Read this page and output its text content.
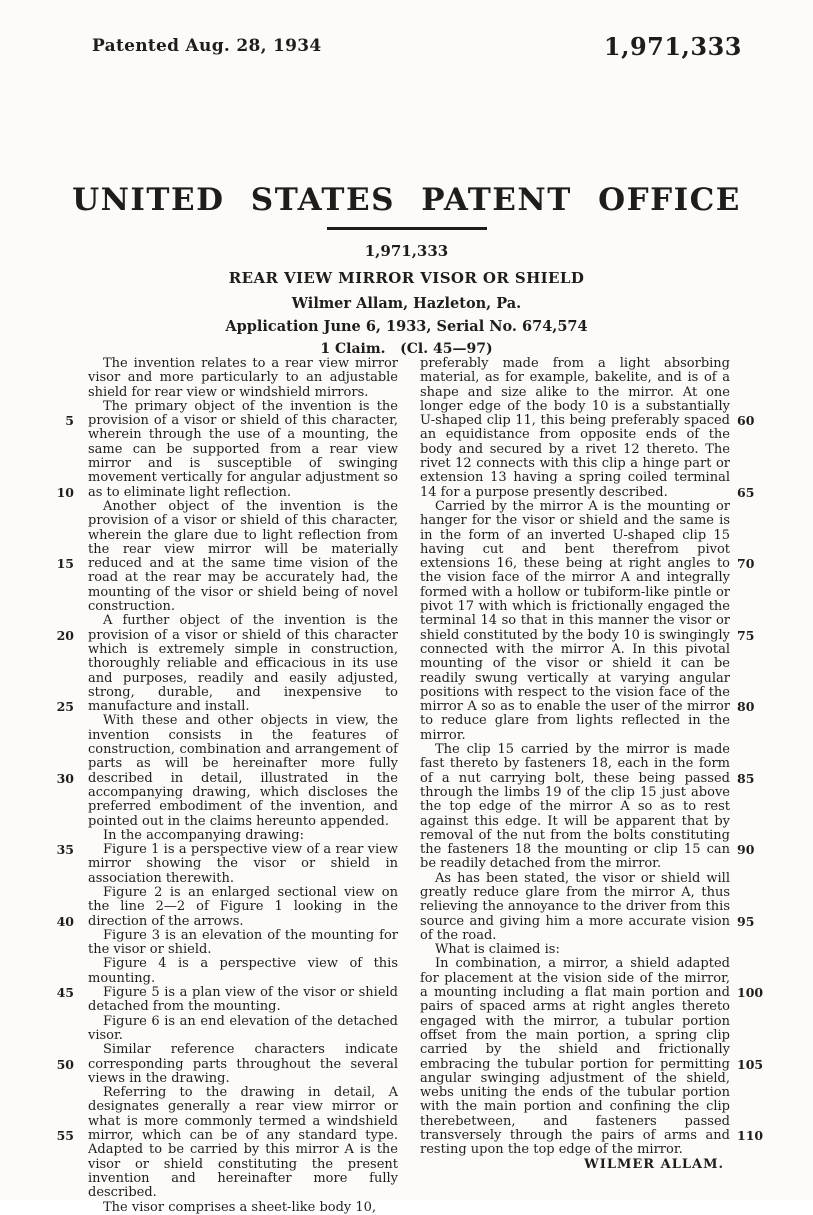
Patented Aug. 28, 1934	1,971,333
UNITED STATES PATENT OFFICE
1,971,333
REAR VIEW MIRROR VISOR OR SHIELD
Wilmer Allam, Hazleton, Pa.
Application June 6, 1933, Serial No. 674,574
1 Claim.   (Cl. 45—97)
5
10
15
20
25
30
35
40
45
50
55

The invention relates to a rear view mirror visor and more particularly to an adjustable shield for rear view or windshield mirrors.

The primary object of the invention is the provision of a visor or shield of this character, wherein through the use of a mounting, the same can be supported from a rear view mirror and is susceptible of swinging movement vertically for angular adjustment so as to eliminate light reflection.

Another object of the invention is the provision of a visor or shield of this character, wherein the glare due to light reflection from the rear view mirror will be materially reduced and at the same time vision of the road at the rear may be accurately had, the mounting of the visor or shield being of novel construction.

A further object of the invention is the provision of a visor or shield of this character which is extremely simple in construction, thoroughly reliable and efficacious in its use and purposes, readily and easily adjusted, strong, durable, and inexpensive to manufacture and install.

With these and other objects in view, the invention consists in the features of construction, combination and arrangement of parts as will be hereinafter more fully described in detail, illustrated in the accompanying drawing, which discloses the preferred embodiment of the invention, and pointed out in the claims hereunto appended.

In the accompanying drawing:

Figure 1 is a perspective view of a rear view mirror showing the visor or shield in association therewith.

Figure 2 is an enlarged sectional view on the line 2—2 of Figure 1 looking in the direction of the arrows.

Figure 3 is an elevation of the mounting for the visor or shield.

Figure 4 is a perspective view of this mounting.

Figure 5 is a plan view of the visor or shield detached from the mounting.

Figure 6 is an end elevation of the detached visor.

Similar reference characters indicate corresponding parts throughout the several views in the drawing.

Referring to the drawing in detail, A designates generally a rear view mirror or what is more commonly termed a windshield mirror, which can be of any standard type. Adapted to be carried by this mirror A is the visor or shield constituting the present invention and hereinafter more fully described.

The visor comprises a sheet-like body 10,

preferably made from a light absorbing material, as for example, bakelite, and is of a shape and size alike to the mirror. At one longer edge of the body 10 is a substantially U-shaped clip 11, this being preferably spaced an equidistance from opposite ends of the body and secured by a rivet 12 thereto. The rivet 12 connects with this clip a hinge part or extension 13 having a spring coiled terminal 14 for a purpose presently described.

Carried by the mirror A is the mounting or hanger for the visor or shield and the same is in the form of an inverted U-shaped clip 15 having cut and bent therefrom pivot extensions 16, these being at right angles to the vision face of the mirror A and integrally formed with a hollow or tubiform-like pintle or pivot 17 with which is frictionally engaged the terminal 14 so that in this manner the visor or shield constituted by the body 10 is swingingly connected with the mirror A. In this pivotal mounting of the visor or shield it can be readily swung vertically at varying angular positions with respect to the vision face of the mirror A so as to enable the user of the mirror to reduce glare from lights reflected in the mirror.

The clip 15 carried by the mirror is made fast thereto by fasteners 18, each in the form of a nut carrying bolt, these being passed through the limbs 19 of the clip 15 just above the top edge of the mirror A so as to rest against this edge. It will be apparent that by removal of the nut from the bolts constituting the fasteners 18 the mounting or clip 15 can be readily detached from the mirror.

As has been stated, the visor or shield will greatly reduce glare from the mirror A, thus relieving the annoyance to the driver from this source and giving him a more accurate vision of the road.

What is claimed is:

In combination, a mirror, a shield adapted for placement at the vision side of the mirror, a mounting including a flat main portion and pairs of spaced arms at right angles thereto engaged with the mirror, a tubular portion offset from the main portion, a spring clip carried by the shield and frictionally embracing the tubular portion for permitting angular swinging adjustment of the shield, webs uniting the ends of the tubular portion with the main portion and confining the clip therebetween, and fasteners passed transversely through the pairs of arms and resting upon the top edge of the mirror.

WILMER ALLAM.

60
65
70
75
80
85
90
95
100
105
110
